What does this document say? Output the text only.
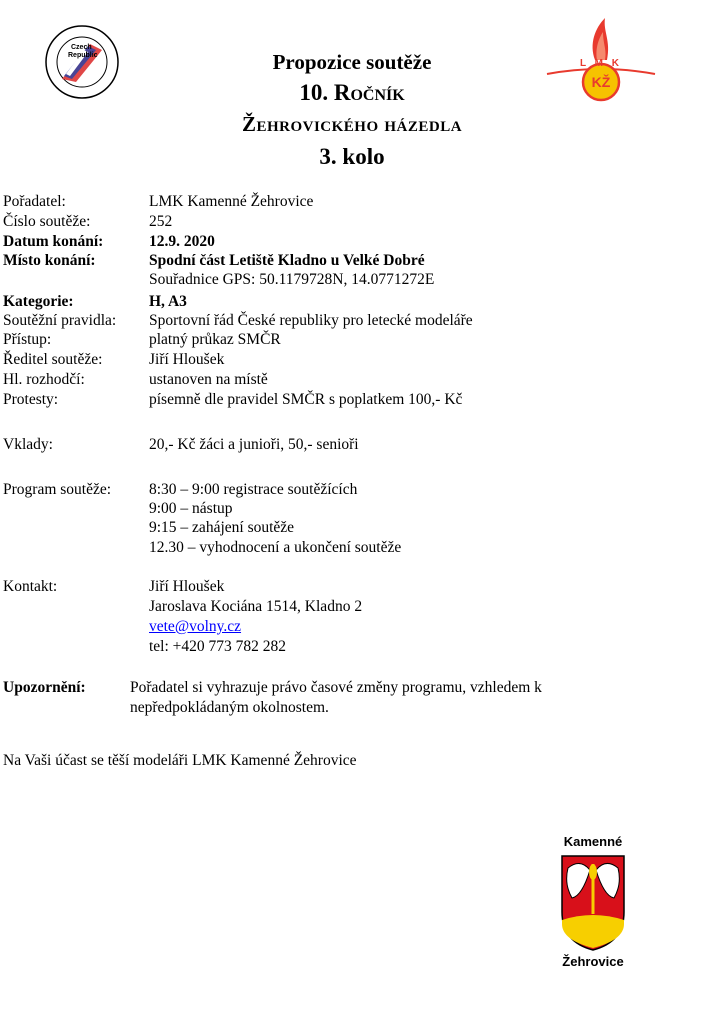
Czech
Republic
Klub leteckých modelářů
Club Of Aeromodellers
L M K
KŽ
Propozice soutěže
10. Ročník
Žehrovického házedla
3. kolo
Pořadatel:	LMK Kamenné Žehrovice
Číslo soutěže:	252
Datum konání:	12.9. 2020
Místo konání:	Spodní část Letiště Kladno u Velké Dobré
Souřadnice GPS: 50.1179728N, 14.0771272E
Kategorie:	H, A3
Soutěžní pravidla: Sportovní řád České republiky pro letecké modeláře
Přístup:	platný průkaz SMČR
Ředitel soutěže:	Jiří Hloušek
Hl. rozhodčí:	ustanoven na místě
Protesty:	písemně dle pravidel SMČR s poplatkem 100,- Kč
Vklady:	20,- Kč žáci a junioři, 50,- senioři
Program soutěže: 8:30 – 9:00 registrace soutěžících
9:00 – nástup
9:15 – zahájení soutěže
12.30 – vyhodnocení a ukončení soutěže
Kontakt:	Jiří Hloušek
Jaroslava Kociána 1514, Kladno 2
vete@volny.cz
tel: +420 773 782 282
Upozornění:	Pořadatel si vyhrazuje právo časové změny programu, vzhledem k nepředpokládaným okolnostem.
Na Vaši účast se těší modeláři LMK Kamenné Žehrovice
Kamenné
Žehrovice
